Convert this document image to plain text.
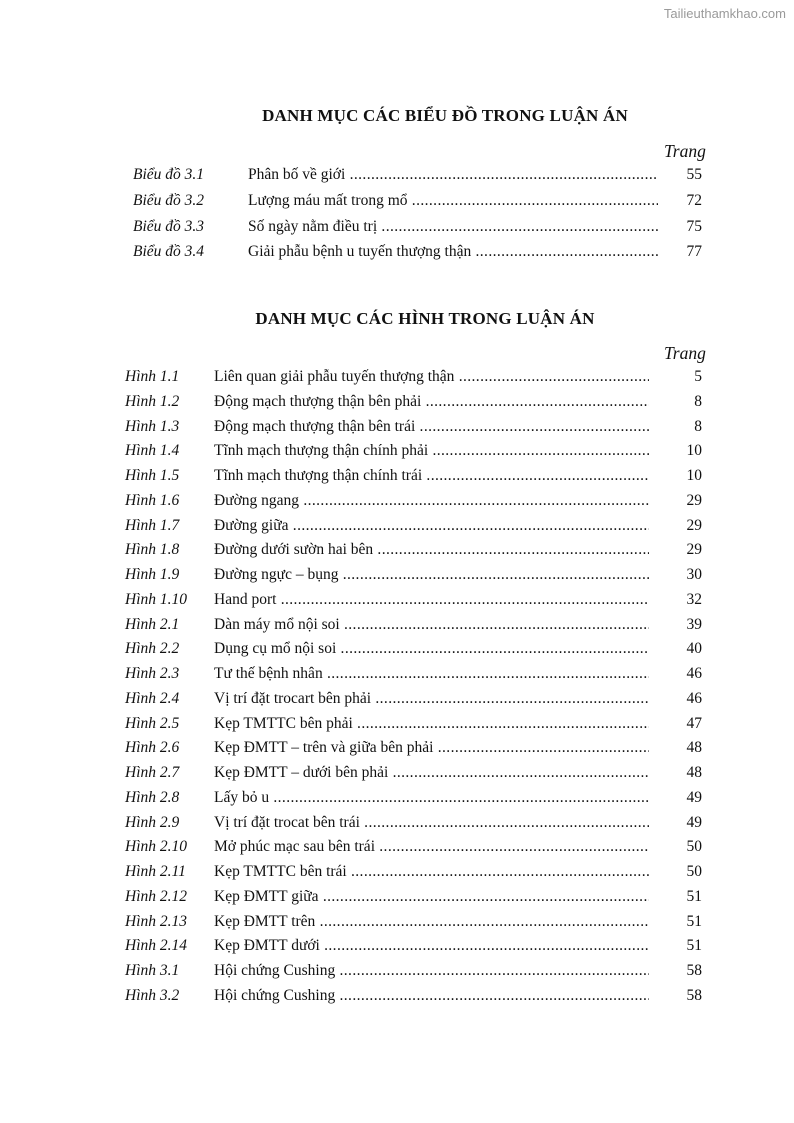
Tailieuthamkhao.com
DANH MỤC CÁC BIỂU ĐỒ TRONG LUẬN ÁN
Trang
Biểu đồ 3.1	Phân bố về giới .....	55
Biểu đồ 3.2	Lượng máu mất trong mổ .....	72
Biểu đồ 3.3	Số ngày nằm điều trị .....	75
Biểu đồ 3.4	Giải phẫu bệnh u tuyến thượng thận .....	77
DANH MỤC CÁC HÌNH TRONG LUẬN ÁN
Trang
Hình 1.1 Liên quan giải phẫu tuyến thượng thận .....	5
Hình 1.2 Động mạch thượng thận bên phải .....	8
Hình 1.3 Động mạch thượng thận bên trái .....	8
Hình 1.4 Tĩnh mạch thượng thận chính phải .....	10
Hình 1.5 Tĩnh mạch thượng thận chính trái .....	10
Hình 1.6 Đường ngang .....	29
Hình 1.7 Đường giữa .....	29
Hình 1.8 Đường dưới sườn hai bên .....	29
Hình 1.9 Đường ngực – bụng .....	30
Hình 1.10 Hand port .....	32
Hình 2.1 Dàn máy mổ nội soi .....	39
Hình 2.2 Dụng cụ mổ nội soi .....	40
Hình 2.3 Tư thế bệnh nhân .....	46
Hình 2.4 Vị trí đặt trocart bên phải .....	46
Hình 2.5 Kẹp TMTTC bên phải .....	47
Hình 2.6 Kẹp ĐMTT – trên và giữa bên phải .....	48
Hình 2.7 Kẹp ĐMTT – dưới bên phải .....	48
Hình 2.8 Lấy bỏ u .....	49
Hình 2.9 Vị trí đặt trocat bên trái .....	49
Hình 2.10 Mở phúc mạc sau bên trái .....	50
Hình 2.11 Kẹp TMTTC bên trái .....	50
Hình 2.12 Kẹp ĐMTT giữa .....	51
Hình 2.13 Kẹp ĐMTT trên .....	51
Hình 2.14 Kẹp ĐMTT dưới .....	51
Hình 3.1 Hội chứng Cushing .....	58
Hình 3.2 Hội chứng Cushing .....	58
